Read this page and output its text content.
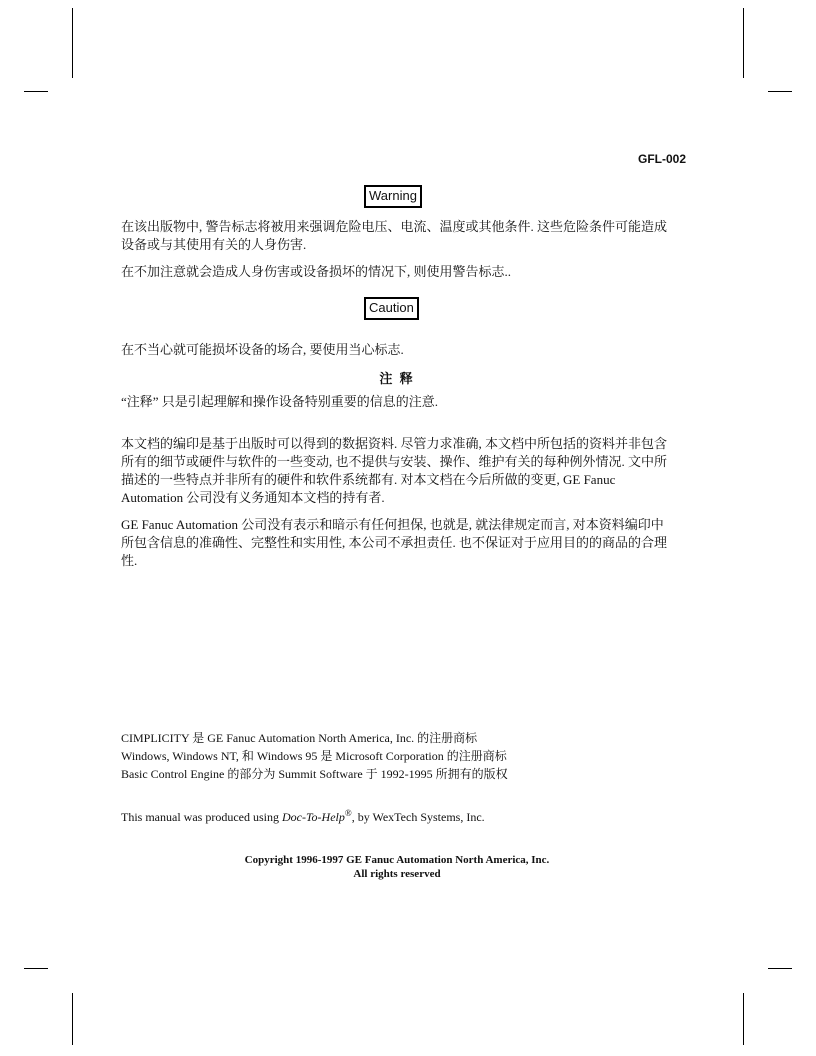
GFL-002
Warning

在该出版物中, 警告标志将被用来强调危险电压、电流、温度或其他条件. 这些危险条件可能造成设备或与其使用有关的人身伤害.

在不加注意就会造成人身伤害或设备损坏的情况下, 则使用警告标志..

Caution

在不当心就可能损坏设备的场合, 要使用当心标志.

注 释

“注释” 只是引起理解和操作设备特别重要的信息的注意.

本文档的编印是基于出版时可以得到的数据资料. 尽管力求准确, 本文档中所包括的资料并非包含所有的细节或硬件与软件的一些变动, 也不提供与安装、操作、维护有关的每种例外情况. 文中所描述的一些特点并非所有的硬件和软件系统都有. 对本文档在今后所做的变更, GE Fanuc Automation 公司没有义务通知本文档的持有者.

GE Fanuc Automation 公司没有表示和暗示有任何担保, 也就是, 就法律规定而言, 对本资料编印中所包含信息的准确性、完整性和实用性, 本公司不承担责任. 也不保证对于应用目的的商品的合理性.

CIMPLICITY 是 GE Fanuc Automation North America, Inc. 的注册商标

Windows, Windows NT, 和 Windows 95 是 Microsoft Corporation 的注册商标

Basic Control Engine 的部分为 Summit Software 于 1992-1995 所拥有的版权

This manual was produced using Doc-To-Help®, by WexTech Systems, Inc.

Copyright 1996-1997 GE Fanuc Automation North America, Inc.

All rights reserved
